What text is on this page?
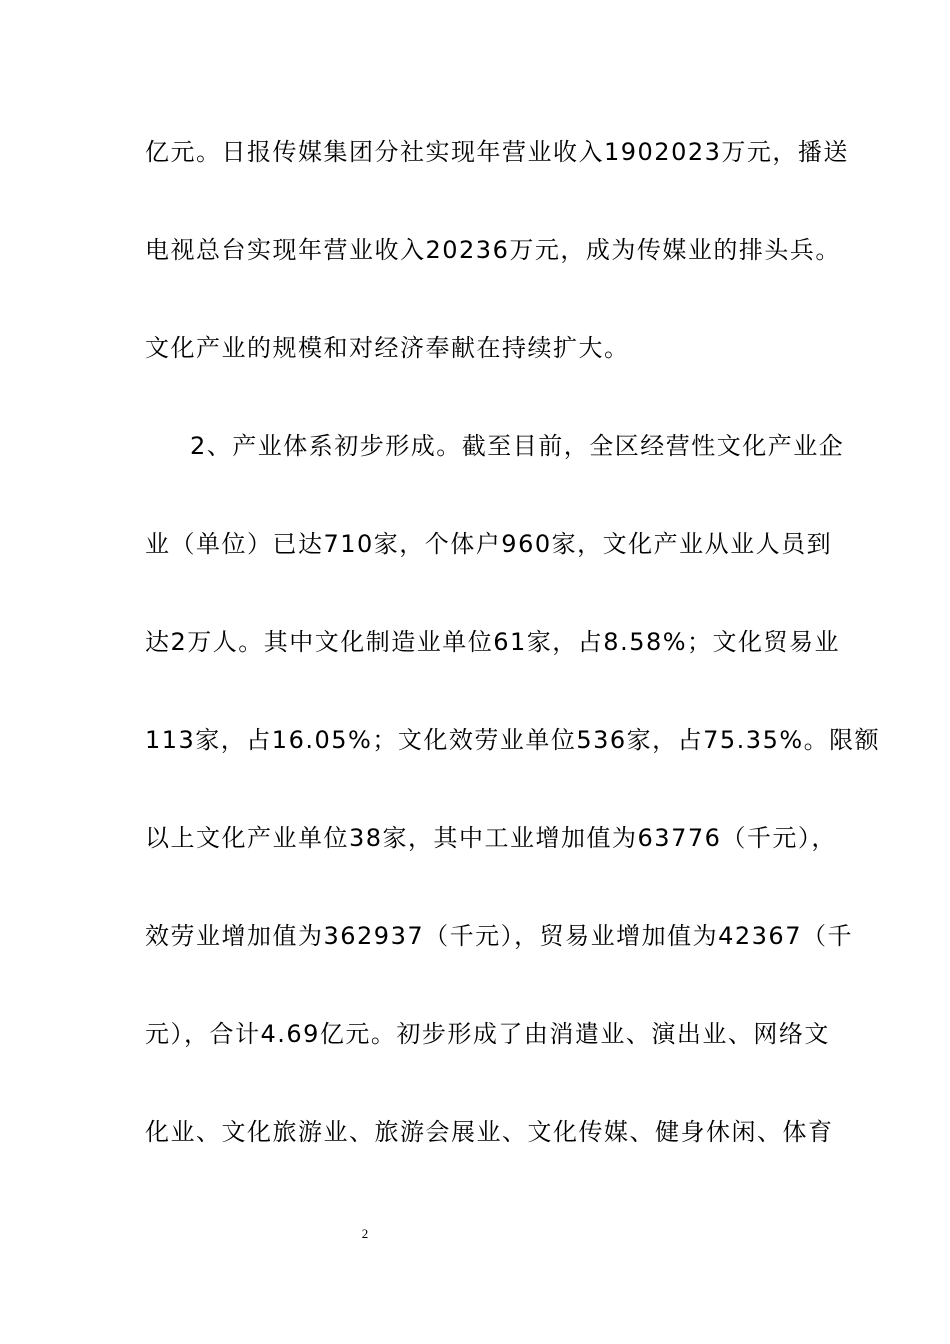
亿元。日报传媒集团分社实现年营业收入1902023万元，播送
电视总台实现年营业收入20236万元，成为传媒业的排头兵。
文化产业的规模和对经济奉献在持续扩大。
2、产业体系初步形成。截至目前，全区经营性文化产业企
业（单位）已达710家，个体户960家，文化产业从业人员到
达2万人。其中文化制造业单位61家，占8.58%；文化贸易业
113家，占16.05%；文化效劳业单位536家，占75.35%。限额
以上文化产业单位38家，其中工业增加值为63776（千元），
效劳业增加值为362937（千元），贸易业增加值为42367（千
元），合计4.69亿元。初步形成了由消遣业、演出业、网络文
化业、文化旅游业、旅游会展业、文化传媒、健身休闲、体育
2
